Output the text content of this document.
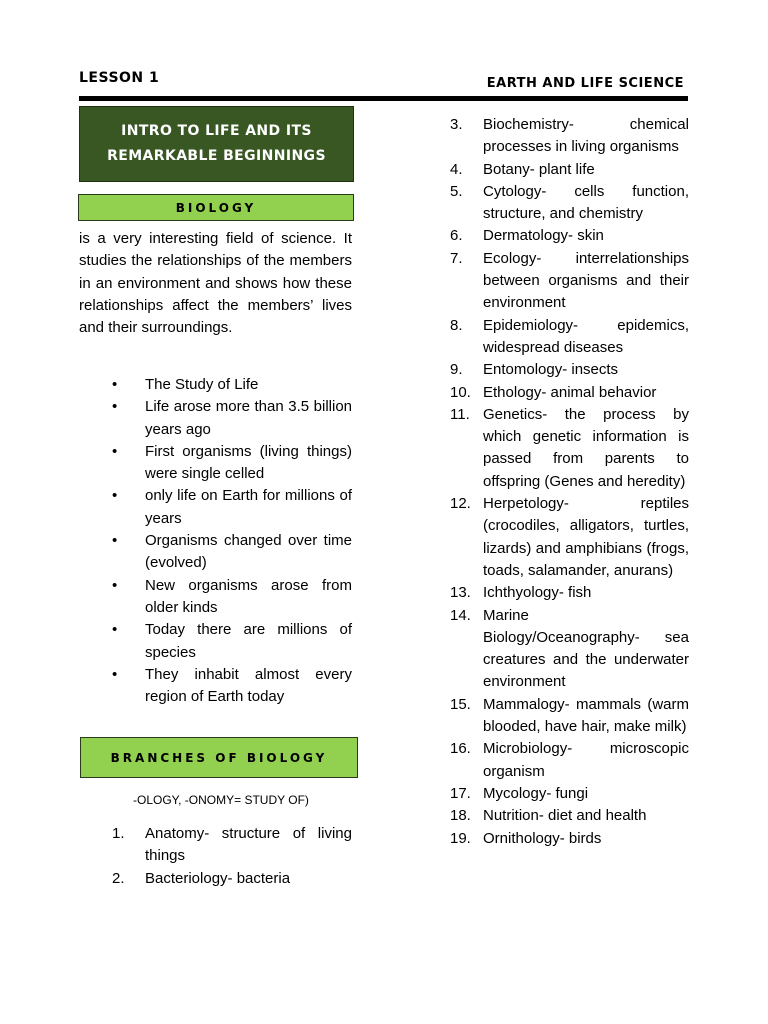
LESSON 1	EARTH AND LIFE SCIENCE
INTRO TO LIFE AND ITS
REMARKABLE BEGINNINGS
BIOLOGY

is a very interesting field of science. It studies the relationships of the members in an environment and shows how these relationships affect the members’ lives and their surroundings.

• The Study of Life
• Life arose more than 3.5 billion years ago
• First organisms (living things) were single celled
• only life on Earth for millions of years
• Organisms changed over time (evolved)
• New organisms arose from older kinds
• Today there are millions of species
• They inhabit almost every region of Earth today
BRANCHES OF BIOLOGY
-OLOGY, -ONOMY= STUDY OF)
1. Anatomy- structure of living things
2. Bacteriology- bacteria
3. Biochemistry- chemical processes in living organisms
4. Botany- plant life
5. Cytology- cells function, structure, and chemistry
6. Dermatology- skin
7. Ecology- interrelationships between organisms and their environment
8. Epidemiology- epidemics, widespread diseases
9. Entomology- insects
10. Ethology- animal behavior
11. Genetics- the process by which genetic information is passed from parents to offspring (Genes and heredity)
12. Herpetology- reptiles (crocodiles, alligators, turtles, lizards) and amphibians (frogs, toads, salamander, anurans)
13. Ichthyology- fish
14. Marine Biology/Oceanography- sea creatures and the underwater environment
15. Mammalogy- mammals (warm blooded, have hair, make milk)
16. Microbiology- microscopic organism
17. Mycology- fungi
18. Nutrition- diet and health
19. Ornithology- birds
